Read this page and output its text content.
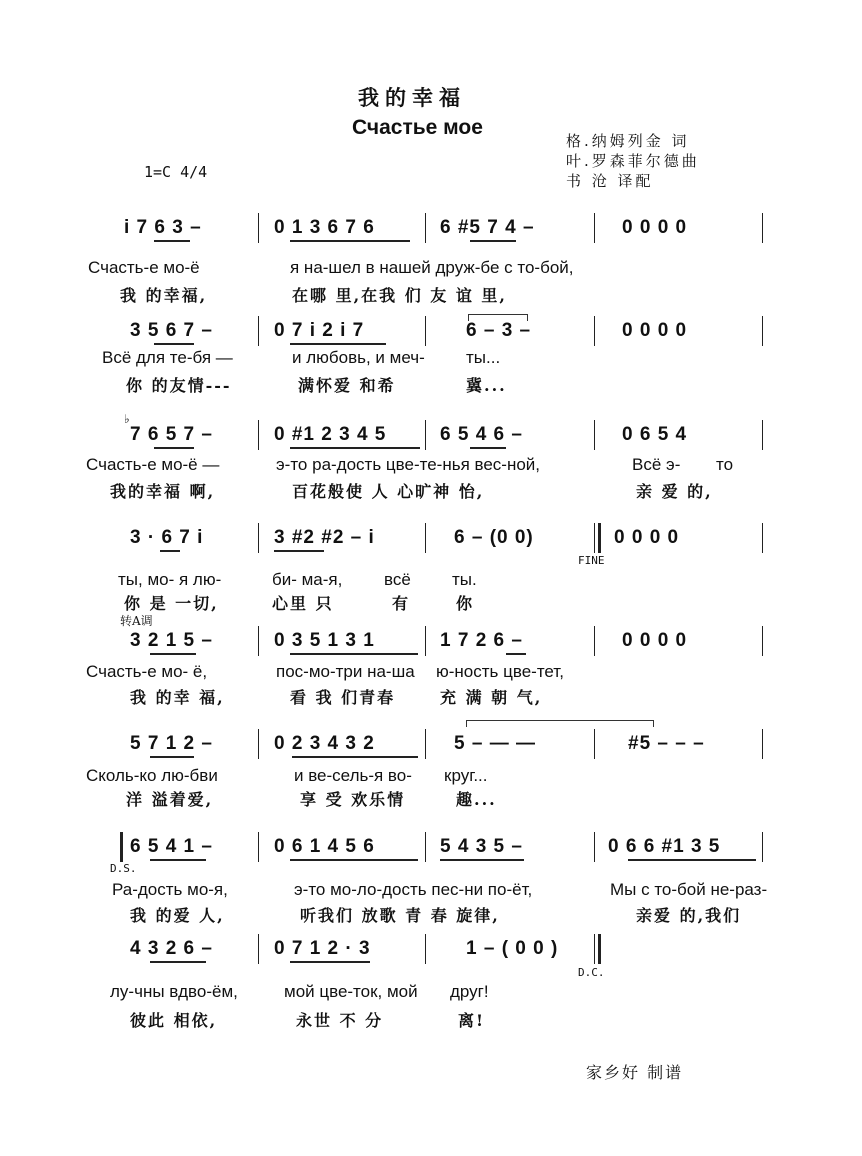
我的幸福
Счастье мое
格.纳姆列金 词
叶.罗森菲尔德曲
书 沧 译配
1=C 4/4
i 7 6 3 –	0 1 3 6 7 6	6 #5 7 4 –	0 0 0 0
Счасть-е мо-ё	я на-шел в нашей друж-бе с то-бой,
我 的幸福,	在哪 里,在我 们 友 谊 里,
3 5 6 7 –	0 7 i 2 i 7	6 – 3 –	0 0 0 0
Всё для те-бя —	и любовь, и меч- ты...
你 的友情---	满怀爱 和希	冀...
♭
7 6 5 7 –	0 #1 2 3 4 5	6 5 4 6 –	0 6 5 4
Счасть-е мо-ё —	э-то ра-дость цве-те-нья вес-ной,	Всё э- то
我的幸福 啊,	百花般使 人 心旷神 怡,	亲 爱 的,
3 · 6 7 i	3 #2 #2 – i	6 – (0 0)
FINE
0 0 0 0
ты, мо- я лю-	би- ма-я, всё ты.
你 是 一切,	心里 只	有	你
转A调
3 2 1 5 –	0 3 5 1 3 1	1 7 2 6 –	0 0 0 0
Счасть-е мо- ё,	пос-мо-три на-ша ю-ность цве-тет,
我 的幸 福,	看 我 们青春	充 满 朝 气,
5 7 1 2 –	0 2 3 4 3 2	5 – — —	#5 – – –
Сколь-ко лю-бви	и ве-сель-я во- круг...
洋 溢着爱,	享 受 欢乐情	趣...
6 5 4 1 –
D.S.
0 6 1 4 5 6	5 4 3 5 –	0 6 6 #1 3 5
Ра-дость мо-я,	э-то мо-ло-дость пес-ни по-ёт,	Мы с то-бой не-раз-
我 的爱 人,	听我们 放歌 青 春 旋律,	亲爱 的,我们
4 3 2 6 –	0 7 1 2 · 3	1 – ( 0 0 )
D.C.
лу-чны вдво-ём,	мой цве-ток, мой друг!
彼此 相依,	永世 不 分	离!
家乡好 制谱
